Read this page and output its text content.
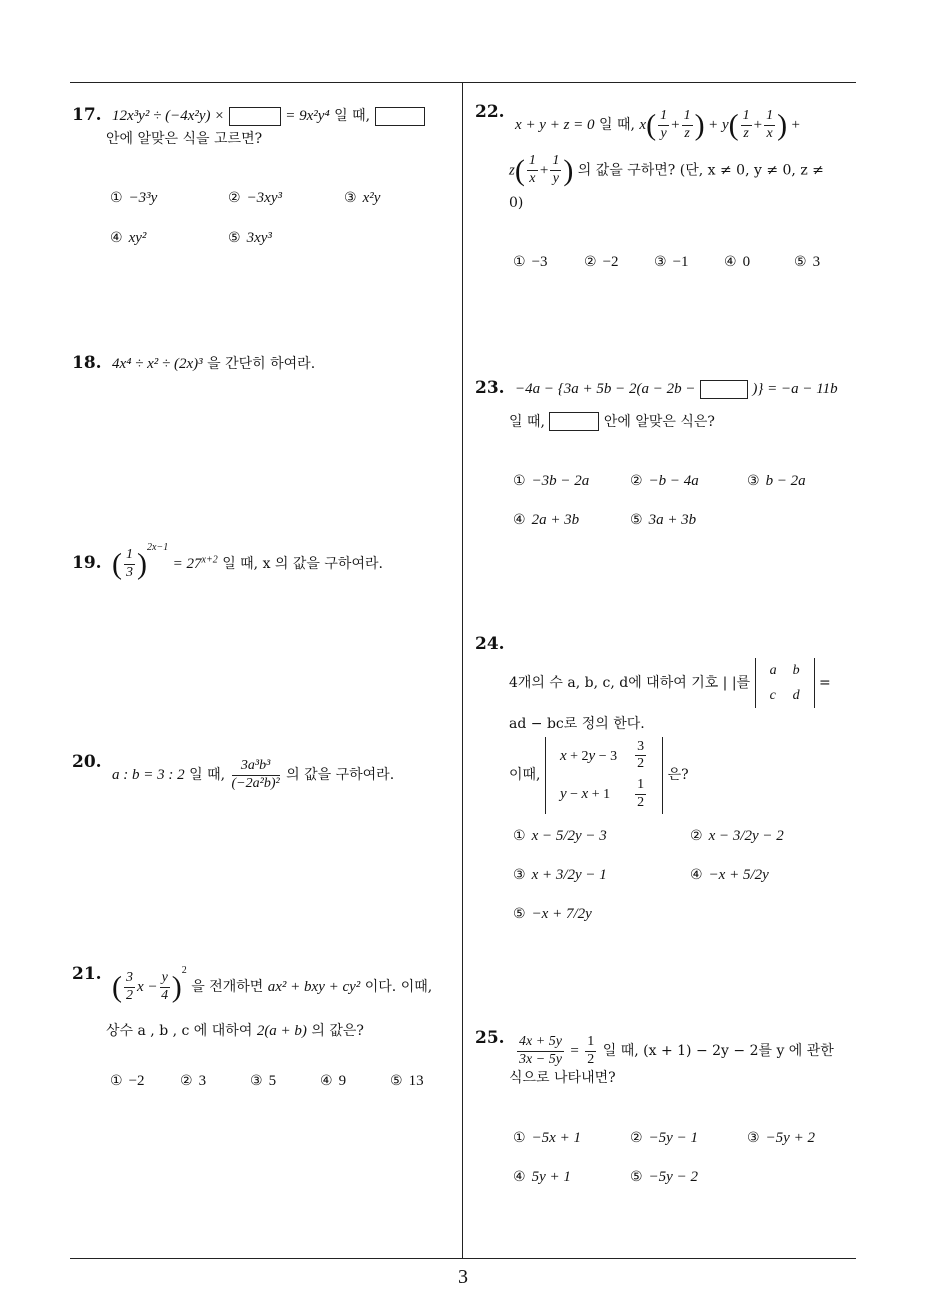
17. 12x³y² ÷ (−4x²y) ×	= 9x²y⁴ 일 때,
안에 알맞은 식을 고르면?
① −3³y	② −3xy³	③ x²y
④ xy²	⑤ 3xy³
18. 4x⁴ ÷ x² ÷ (2x)³ 을 간단히 하여라.
19. ( $\frac{1}{3} )^{2x-1} = 27^{x+2}$ 일 때, x 의 값을 구하여라.
20. a : b = 3 : 2 일 때, $\frac{\text{3a³b³}}{\text{(−2a²b)²}}$ 의 값을 구하여라.
21. ( $\frac{3}{2}$ $x - \frac{y}{4} )^2$ 을 전개하면 ax² + bxy + cy² 이다. 이때,
상수 a , b , c 에 대하여 2(a + b) 의 값은?
① −2	② 3	③ 5	④ 9	⑤ 13
22. x + y + z = 0 일 때, $x( \frac{1}{y} + \frac{1}{z}$ ) + $y( \frac{1}{z} + \frac{1}{x}$ ) +
$z( \frac{1}{x} + \frac{1}{y}$ ) 의 값을 구하면? (단, x ≠ 0, y ≠ 0, z ≠
0)
① −3	② −2	③ −1	④ 0	⑤ 3
23. −4a − {3a + 5b − 2(a − 2b −	)} = −a − 11b
일 때,	안에 알맞은 식은?
① −3b − 2a	② −b − 4a	③ b − 2a
④ 2a + 3b	⑤ 3a + 3b
24.
4개의 수 a, b, c, d에 대하여 기호 | |를
a	b
c	d
=
ad − bc로 정의 한다.
이때,
x + 2y − 3	$\frac{3}{2}$

y − x + 1	$\frac{1}{2}$
은?
① x − 5/2y − 3	② x − 3/2y − 2
③ x + 3/2y − 1	④ −x + 5/2y
⑤ −x + 7/2y
25. $\frac{4x + 5y}{3x - 5y} = \frac{1}{2}$ 일 때, (x + 1) − 2y − 2를 y 에 관한
식으로 나타내면?
① −5x + 1	② −5y − 1	③ −5y + 2
④ 5y + 1	⑤ −5y − 2
3
